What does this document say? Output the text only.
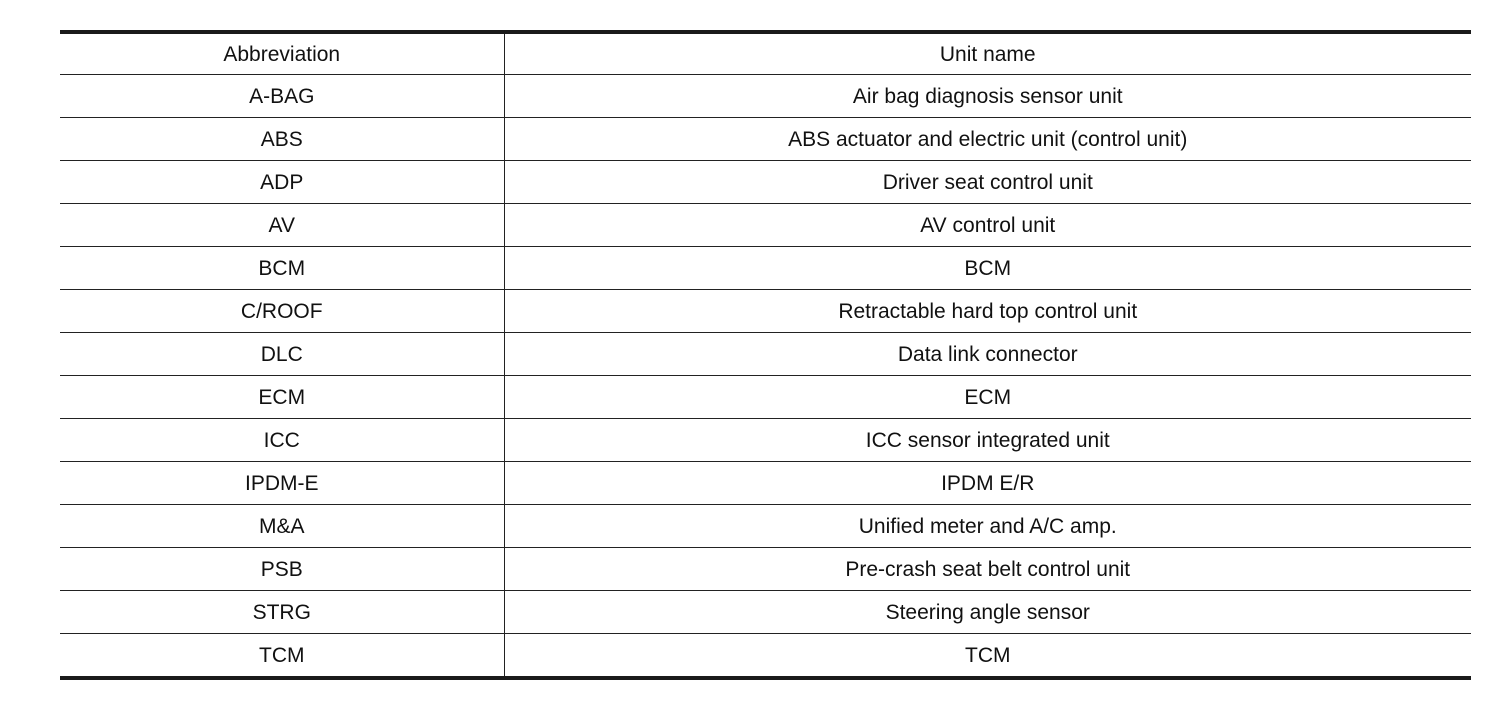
Abbreviation	Unit name
A-BAG	Air bag diagnosis sensor unit
ABS	ABS actuator and electric unit (control unit)
ADP	Driver seat control unit
AV	AV control unit
BCM	BCM
C/ROOF	Retractable hard top control unit
DLC	Data link connector
ECM	ECM
ICC	ICC sensor integrated unit
IPDM-E	IPDM E/R
M&A	Unified meter and A/C amp.
PSB	Pre-crash seat belt control unit
STRG	Steering angle sensor
TCM	TCM
